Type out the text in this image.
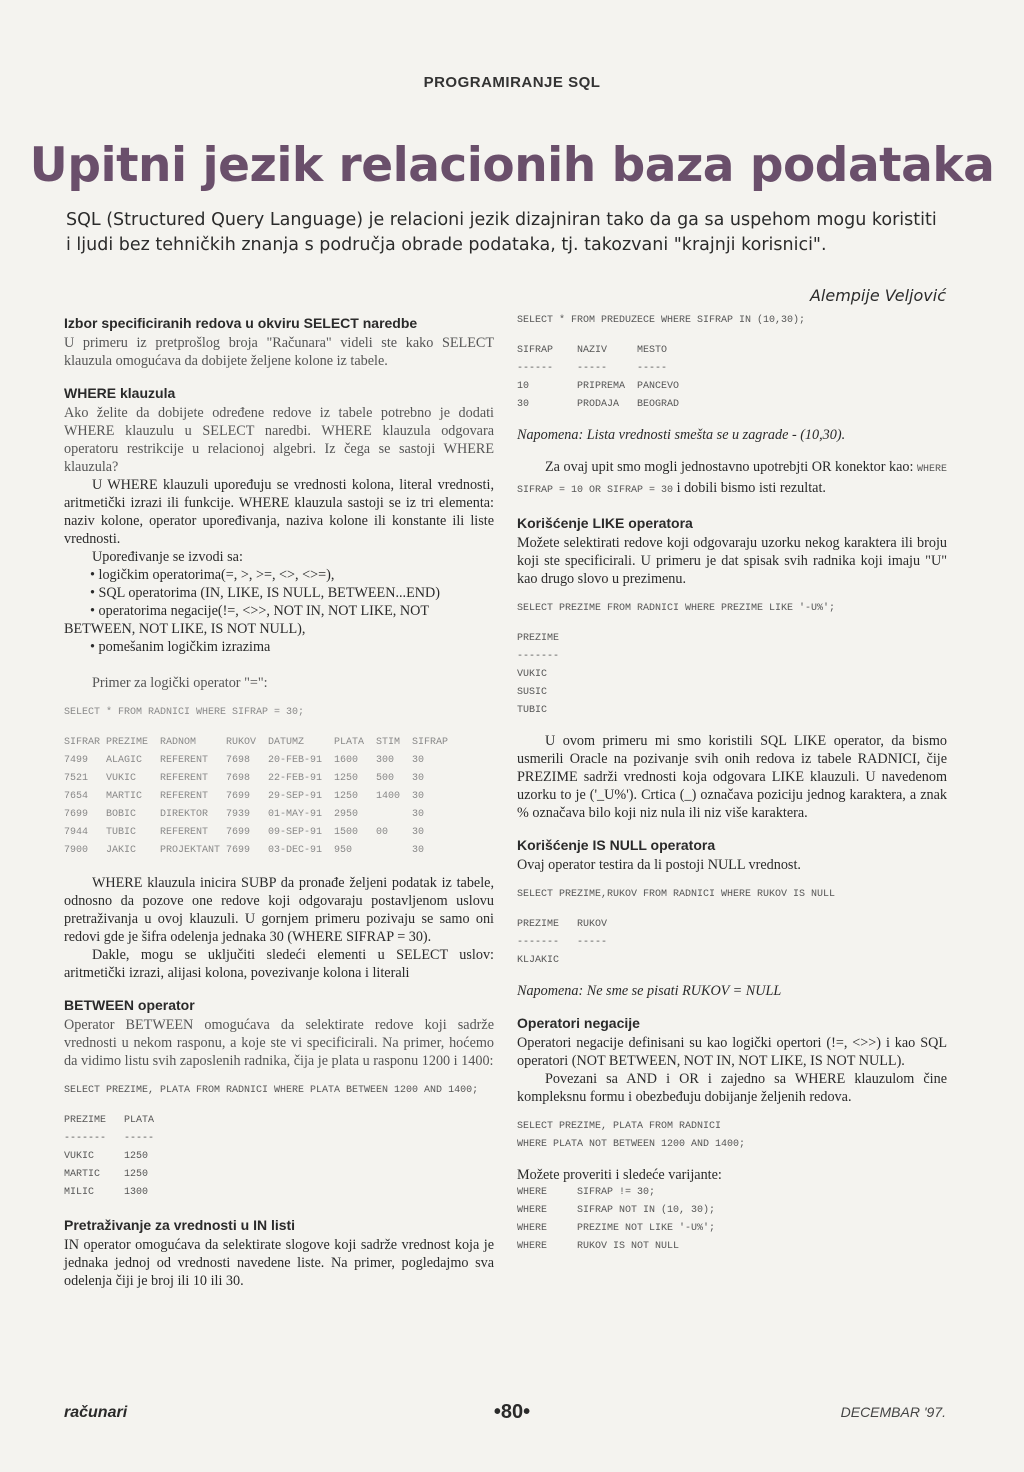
PROGRAMIRANJE SQL
Upitni jezik relacionih baza podataka
SQL (Structured Query Language) je relacioni jezik dizajniran tako da ga sa uspehom mogu koristiti i ljudi bez tehničkih znanja s područja obrade podataka, tj. takozvani "krajnji korisnici".
Alempije Veljović
Izbor specificiranih redova u okviru SELECT naredbe

U primeru iz pretprošlog broja "Računara" videli ste kako SELECT klauzula omogućava da dobijete željene kolone iz tabele.

WHERE klauzula

Ako želite da dobijete određene redove iz tabele potrebno je dodati WHERE klauzulu u SELECT naredbi. WHERE klauzula odgovara operatoru restrikcije u relacionoj algebri. Iz čega se sastoji WHERE klauzula?

U WHERE klauzuli upoređuju se vrednosti kolona, literal vrednosti, aritmetički izrazi ili funkcije. WHERE klauzula sastoji se iz tri elementa: naziv kolone, operator upoređivanja, naziva kolone ili konstante ili liste vrednosti.

Upoređivanje se izvodi sa:

• logičkim operatorima(=, >, >=, <>, <>=),
• SQL operatorima (IN, LIKE, IS NULL, BETWEEN...END)
• operatorima negacije(!=, <>>, NOT IN, NOT LIKE, NOT BETWEEN, NOT LIKE, IS NOT NULL),
• pomešanim logičkim izrazima

Primer za logički operator "=":

SELECT * FROM RADNICI WHERE SIFRAP = 30;
SIFRAR PREZIME  RADNOM     RUKOV  DATUMZ     PLATA  STIM  SIFRAP
7499   ALAGIC   REFERENT   7698   20-FEB-91  1600   300   30
7521   VUKIC    REFERENT   7698   22-FEB-91  1250   500   30
7654   MARTIC   REFERENT   7699   29-SEP-91  1250   1400  30
7699   BOBIC    DIREKTOR   7939   01-MAY-91  2950         30
7944   TUBIC    REFERENT   7699   09-SEP-91  1500   00    30
7900   JAKIC    PROJEKTANT 7699   03-DEC-91  950          30

WHERE klauzula inicira SUBP da pronađe željeni podatak iz tabele, odnosno da pozove one redove koji odgovaraju postavljenom uslovu pretraživanja u ovoj klauzuli. U gornjem primeru pozivaju se samo oni redovi gde je šifra odelenja jednaka 30 (WHERE SIFRAP = 30).

Dakle, mogu se uključiti sledeći elementi u SELECT uslov: aritmetički izrazi, alijasi kolona, povezivanje kolona i literali

BETWEEN operator

Operator BETWEEN omogućava da selektirate redove koji sadrže vrednosti u nekom rasponu, a koje ste vi specificirali. Na primer, hoćemo da vidimo listu svih zaposlenih radnika, čija je plata u rasponu 1200 i 1400:

SELECT PREZIME, PLATA FROM RADNICI WHERE PLATA BETWEEN 1200 AND 1400;
PREZIME   PLATA
-------   -----
VUKIC     1250
MARTIC    1250
MILIC     1300
Pretraživanje za vrednosti u IN listi

IN operator omogućava da selektirate slogove koji sadrže vrednost koja je jednaka jednoj od vrednosti navedene liste. Na primer, pogledajmo sva odelenja čiji je broj ili 10 ili 30.

SELECT * FROM PREDUZECE WHERE SIFRAP IN (10,30);
SIFRAP    NAZIV     MESTO
------    -----     -----
10        PRIPREMA  PANCEVO
30        PRODAJA   BEOGRAD

Napomena: Lista vrednosti smešta se u zagrade - (10,30).

Za ovaj upit smo mogli jednostavno upotrebjti OR konektor kao: WHERE SIFRAP = 10 OR SIFRAP = 30 i dobili bismo isti rezultat.

Korišćenje LIKE operatora

Možete selektirati redove koji odgovaraju uzorku nekog karaktera ili broju koji ste specificirali. U primeru je dat spisak svih radnika koji imaju "U" kao drugo slovo u prezimenu.

SELECT PREZIME FROM RADNICI WHERE PREZIME LIKE '-U%';
PREZIME
-------
VUKIC
SUSIC
TUBIC

U ovom primeru mi smo koristili SQL LIKE operator, da bismo usmerili Oracle na pozivanje svih onih redova iz tabele RADNICI, čije PREZIME sadrži vrednosti koja odgovara LIKE klauzuli. U navedenom uzorku to je ('_U%'). Crtica (_) označava poziciju jednog karaktera, a znak % označava bilo koji niz nula ili niz više karaktera.

Korišćenje IS NULL operatora

Ovaj operator testira da li postoji NULL vrednost.

SELECT PREZIME,RUKOV FROM RADNICI WHERE RUKOV IS NULL
PREZIME   RUKOV
-------   -----
KLJAKIC

Napomena: Ne sme se pisati RUKOV = NULL

Operatori negacije

Operatori negacije definisani su kao logički opertori (!=, <>>) i kao SQL operatori (NOT BETWEEN, NOT IN, NOT LIKE, IS NOT NULL).

Povezani sa AND i OR i zajedno sa WHERE klauzulom čine kompleksnu formu i obezbeđuju dobijanje željenih redova.

SELECT PREZIME, PLATA FROM RADNICI
WHERE PLATA NOT BETWEEN 1200 AND 1400;

Možete proveriti i sledeće varijante:

WHERE     SIFRAP != 30;
WHERE     SIFRAP NOT IN (10, 30);
WHERE     PREZIME NOT LIKE '-U%';
WHERE     RUKOV IS NOT NULL
računari	•80•	DECEMBAR '97.
